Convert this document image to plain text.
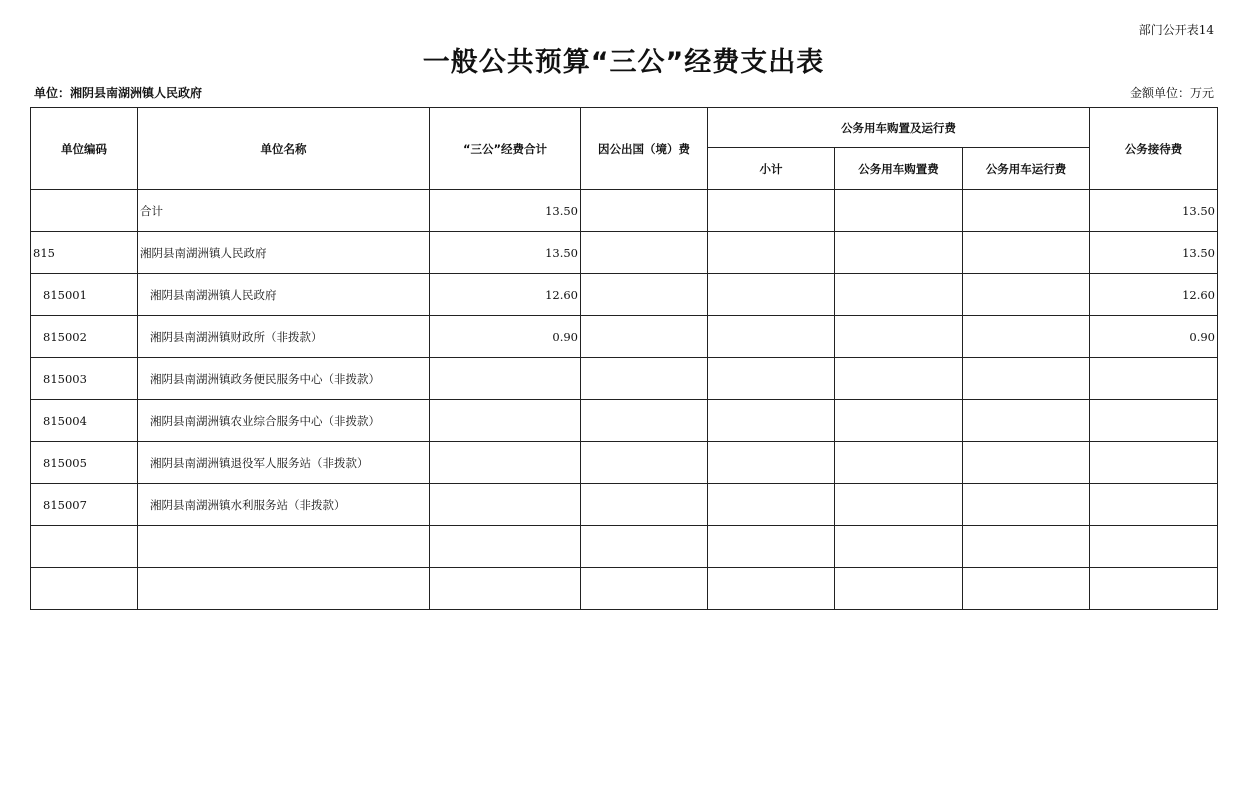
部门公开表14
一般公共预算“三公”经费支出表
单位：湘阴县南湖洲镇人民政府	金额单位：万元
单位编码	单位名称	“三公”经费合计	因公出国（境）费	公务用车购置及运行费			公务接待费
				小计	公务用车购置费	公务用车运行费	
	合计	13.50					13.50
815	湘阴县南湖洲镇人民政府	13.50					13.50
815001	湘阴县南湖洲镇人民政府	12.60					12.60
815002	湘阴县南湖洲镇财政所（非拨款）	0.90					0.90
815003	湘阴县南湖洲镇政务便民服务中心（非拨款）						
815004	湘阴县南湖洲镇农业综合服务中心（非拨款）						
815005	湘阴县南湖洲镇退役军人服务站（非拨款）						
815007	湘阴县南湖洲镇水利服务站（非拨款）						
